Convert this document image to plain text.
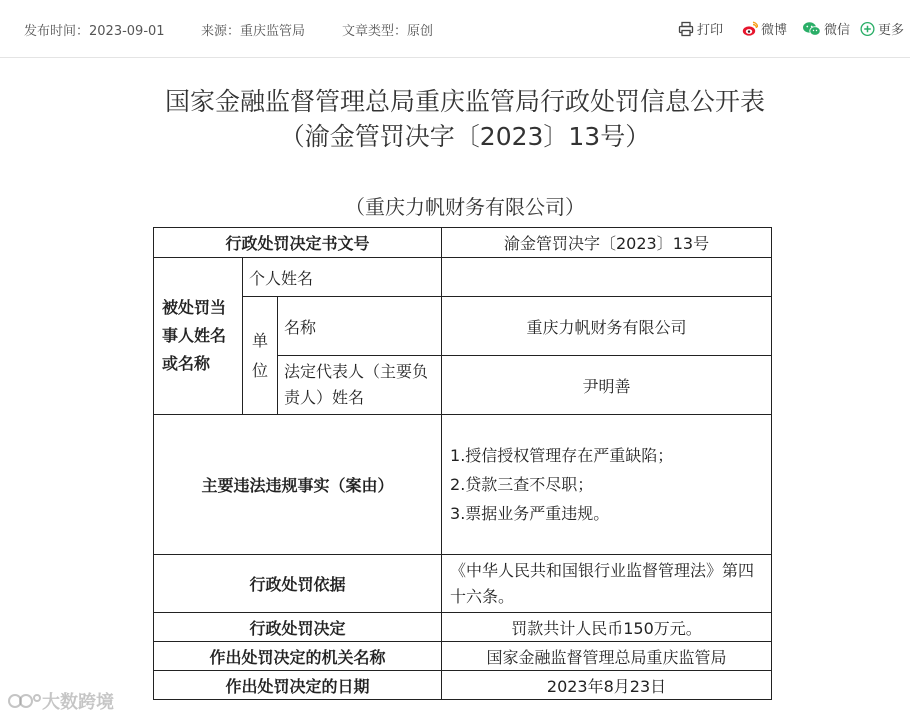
发布时间：2023-09-01	来源：重庆监管局	文章类型：原创	打印	微博	微信 更多
国家金融监督管理总局重庆监管局行政处罚信息公开表
（渝金管罚决字〔2023〕13号）
（重庆力帆财务有限公司）
行政处罚决定书文号			渝金管罚决字〔2023〕13号
被处罚当事人姓名或名称	个人姓名		
	单位	名称	重庆力帆财务有限公司
		法定代表人（主要负责人）姓名	尹明善
主要违法违规事实（案由）			1.授信授权管理存在严重缺陷；
2.贷款三查不尽职；
3.票据业务严重违规。

行政处罚依据			《中华人民共和国银行业监督管理法》第四十六条。
行政处罚决定			罚款共计人民币150万元。
作出处罚决定的机关名称			国家金融监督管理总局重庆监管局
作出处罚决定的日期			2023年8月23日
大数跨境
